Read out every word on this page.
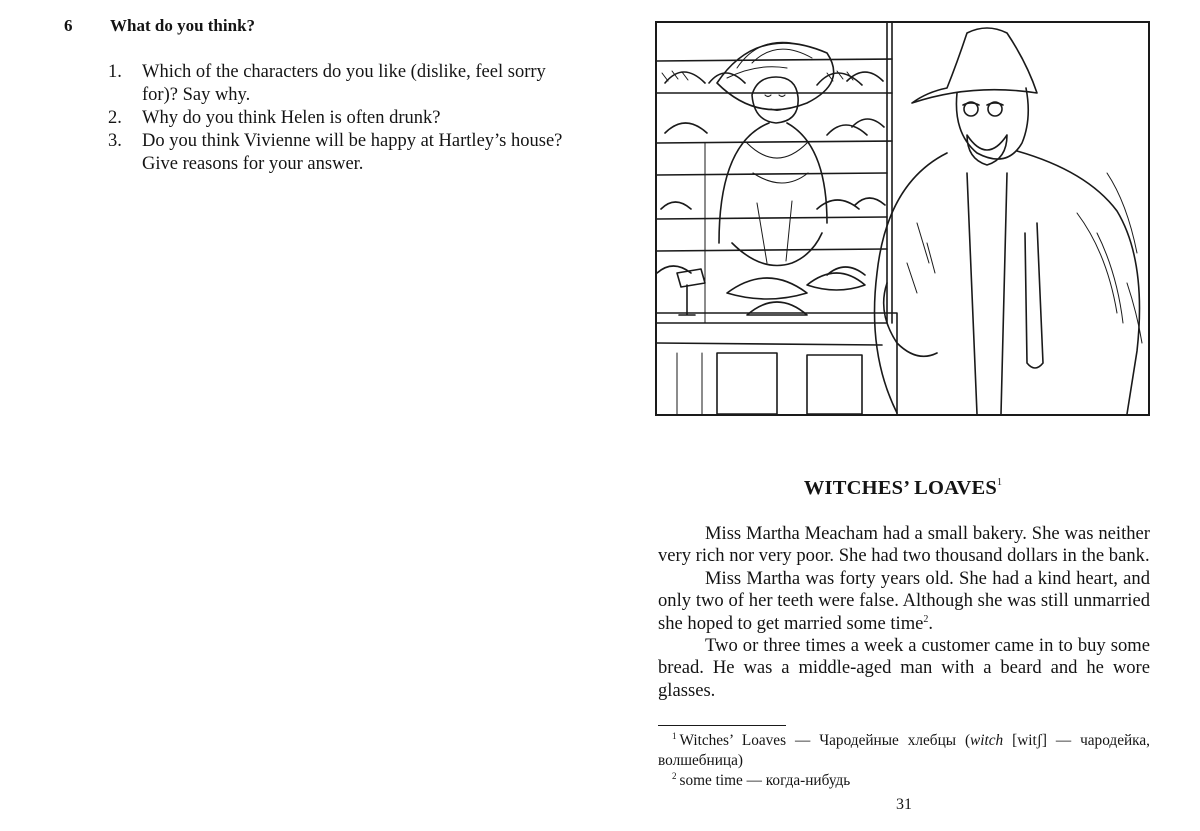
6 What do you think?
1. Which of the characters do you like (dislike, feel sorry for)? Say why.
2. Why do you think Helen is often drunk?
3. Do you think Vivienne will be happy at Hartley’s house? Give reasons for your answer.
WITCHES’ LOAVES$^1$

Miss Martha Meacham had a small bakery. She was neither very rich nor very poor. She had two thousand dollars in the bank.

Miss Martha was forty years old. She had a kind heart, and only two of her teeth were false. Although she was still unmarried she hoped to get married some time$^2$.

Two or three times a week a customer came in to buy some bread. He was a middle-aged man with a beard and he wore glasses.

$^1$ Witches’ Loaves — Чародейные хлебцы (witch [witʃ] — чародейка, волшебница)

$^2$ some time — когда-нибудь

31
